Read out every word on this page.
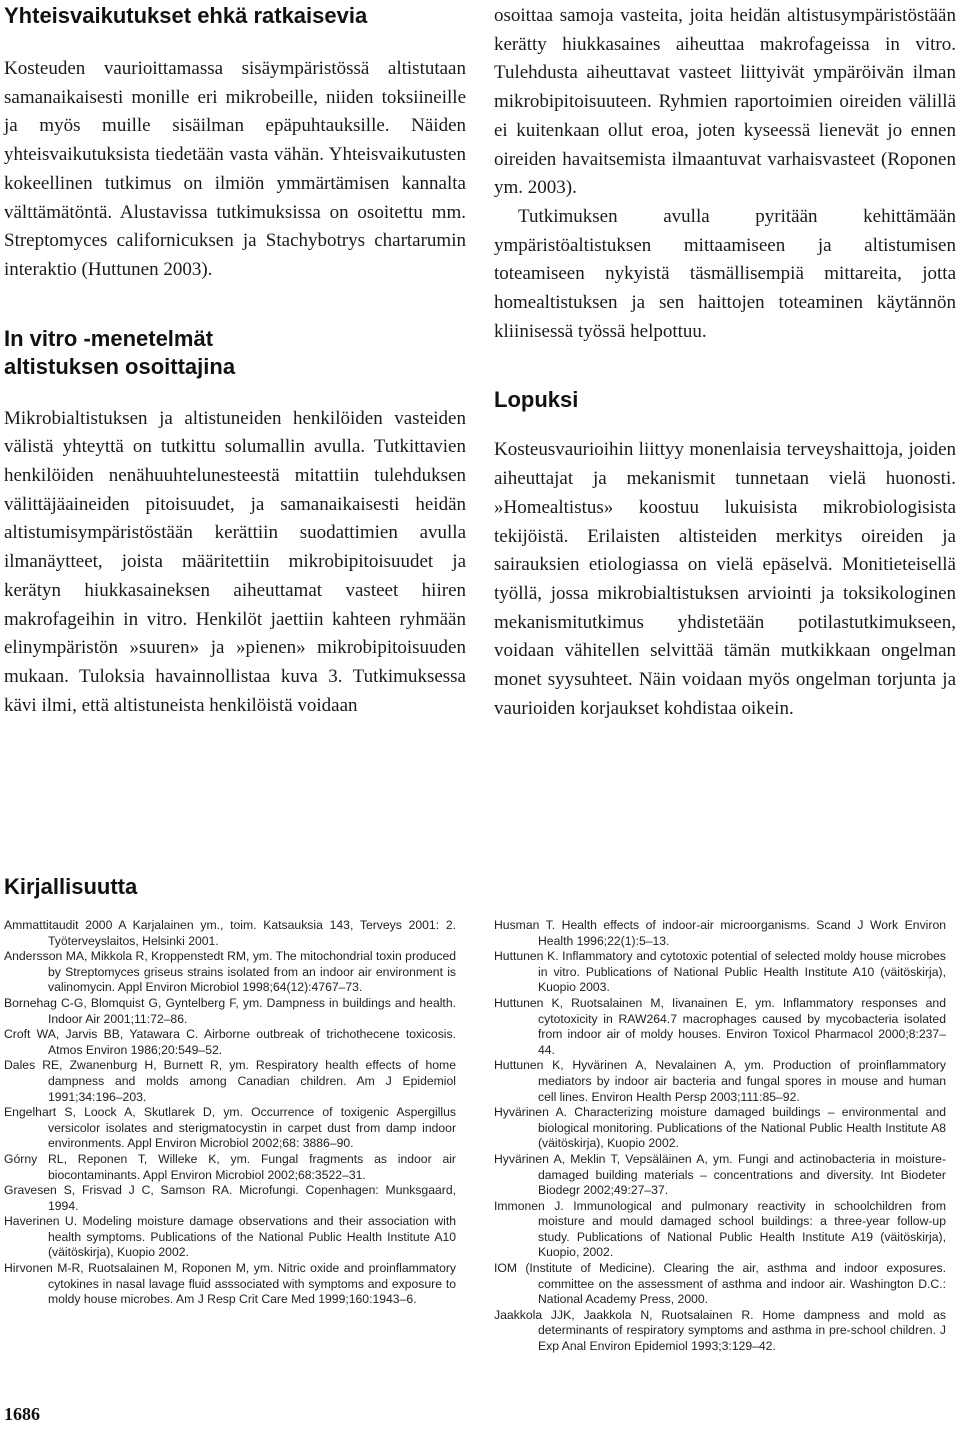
Yhteisvaikutukset ehkä ratkaisevia

Kosteuden vaurioittamassa sisäympäristössä altistutaan samanaikaisesti monille eri mikrobeille, niiden toksiineille ja myös muille sisäilman epäpuhtauksille. Näiden yhteisvaikutuksista tiedetään vasta vähän. Yhteisvaikutusten kokeellinen tutkimus on ilmiön ymmärtämisen kannalta välttämätöntä. Alustavissa tutkimuksissa on osoitettu mm. Streptomyces californicuksen ja Stachybotrys chartarumin interaktio (Huttunen 2003).

In vitro -menetelmät
altistuksen osoittajina

Mikrobialtistuksen ja altistuneiden henkilöiden vasteiden välistä yhteyttä on tutkittu solumallin avulla. Tutkittavien henkilöiden nenähuuhtelunesteestä mitattiin tulehduksen välittäjäaineiden pitoisuudet, ja samanaikaisesti heidän altistumisympäristöstään kerättiin suodattimien avulla ilmanäytteet, joista määritettiin mikrobipitoisuudet ja kerätyn hiukkasaineksen aiheuttamat vasteet hiiren makrofageihin in vitro. Henkilöt jaettiin kahteen ryhmään elinympäristön »suuren» ja »pienen» mikrobipitoisuuden mukaan. Tuloksia havainnollistaa kuva 3. Tutkimuksessa kävi ilmi, että altistuneista henkilöistä voidaan

osoittaa samoja vasteita, joita heidän altistusympäristöstään kerätty hiukkasaines aiheuttaa makrofageissa in vitro. Tulehdusta aiheuttavat vasteet liittyivät ympäröivän ilman mikrobipitoisuuteen. Ryhmien raportoimien oireiden välillä ei kuitenkaan ollut eroa, joten kyseessä lienevät jo ennen oireiden havaitsemista ilmaantuvat varhaisvasteet (Roponen ym. 2003).

Tutkimuksen avulla pyritään kehittämään ympäristöaltistuksen mittaamiseen ja altistumisen toteamiseen nykyistä täsmällisempiä mittareita, jotta homealtistuksen ja sen haittojen toteaminen käytännön kliinisessä työssä helpottuu.

Lopuksi

Kosteusvaurioihin liittyy monenlaisia terveyshaittoja, joiden aiheuttajat ja mekanismit tunnetaan vielä huonosti. »Homealtistus» koostuu lukuisista mikrobiologisista tekijöistä. Erilaisten altisteiden merkitys oireiden ja sairauksien etiologiassa on vielä epäselvä. Monitieteisellä työllä, jossa mikrobialtistuksen arviointi ja toksikologinen mekanismitutkimus yhdistetään potilastutkimukseen, voidaan vähitellen selvittää tämän mutkikkaan ongelman monet syysuhteet. Näin voidaan myös ongelman torjunta ja vaurioiden korjaukset kohdistaa oikein.

Kirjallisuutta

Ammattitaudit 2000 A Karjalainen ym., toim. Katsauksia 143, Terveys 2001: 2. Työterveyslaitos, Helsinki 2001.

Andersson MA, Mikkola R, Kroppenstedt RM, ym. The mitochondrial toxin produced by Streptomyces griseus strains isolated from an indoor air environment is valinomycin. Appl Environ Microbiol 1998;64(12):4767–73.

Bornehag C-G, Blomquist G, Gyntelberg F, ym. Dampness in buildings and health. Indoor Air 2001;11:72–86.

Croft WA, Jarvis BB, Yatawara C. Airborne outbreak of trichothecene toxicosis. Atmos Environ 1986;20:549–52.

Dales RE, Zwanenburg H, Burnett R, ym. Respiratory health effects of home dampness and molds among Canadian children. Am J Epidemiol 1991;34:196–203.

Engelhart S, Loock A, Skutlarek D, ym. Occurrence of toxigenic Aspergillus versicolor isolates and sterigmatocystin in carpet dust from damp indoor environments. Appl Environ Microbiol 2002;68: 3886–90.

Górny RL, Reponen T, Willeke K, ym. Fungal fragments as indoor air biocontaminants. Appl Environ Microbiol 2002;68:3522–31.

Gravesen S, Frisvad J C, Samson RA. Microfungi. Copenhagen: Munksgaard, 1994.

Haverinen U. Modeling moisture damage observations and their association with health symptoms. Publications of the National Public Health Institute A10 (väitöskirja), Kuopio 2002.

Hirvonen M-R, Ruotsalainen M, Roponen M, ym. Nitric oxide and proinflammatory cytokines in nasal lavage fluid asssociated with symptoms and exposure to moldy house microbes. Am J Resp Crit Care Med 1999;160:1943–6.

Husman T. Health effects of indoor-air microorganisms. Scand J Work Environ Health 1996;22(1):5–13.

Huttunen K. Inflammatory and cytotoxic potential of selected moldy house microbes in vitro. Publications of National Public Health Institute A10 (väitöskirja), Kuopio 2003.

Huttunen K, Ruotsalainen M, Iivanainen E, ym. Inflammatory responses and cytotoxicity in RAW264.7 macrophages caused by mycobacteria isolated from indoor air of moldy houses. Environ Toxicol Pharmacol 2000;8:237–44.

Huttunen K, Hyvärinen A, Nevalainen A, ym. Production of proinflammatory mediators by indoor air bacteria and fungal spores in mouse and human cell lines. Environ Health Persp 2003;111:85–92.

Hyvärinen A. Characterizing moisture damaged buildings – environmental and biological monitoring. Publications of the National Public Health Institute A8 (väitöskirja), Kuopio 2002.

Hyvärinen A, Meklin T, Vepsäläinen A, ym. Fungi and actinobacteria in moisture-damaged building materials – concentrations and diversity. Int Biodeter Biodegr 2002;49:27–37.

Immonen J. Immunological and pulmonary reactivity in schoolchildren from moisture and mould damaged school buildings: a three-year follow-up study. Publications of National Public Health Institute A19 (väitöskirja), Kuopio, 2002.

IOM (Institute of Medicine). Clearing the air, asthma and indoor exposures. committee on the assessment of asthma and indoor air. Washington D.C.: National Academy Press, 2000.

Jaakkola JJK, Jaakkola N, Ruotsalainen R. Home dampness and mold as determinants of respiratory symptoms and asthma in pre-school children. J Exp Anal Environ Epidemiol 1993;3:129–42.

1686
